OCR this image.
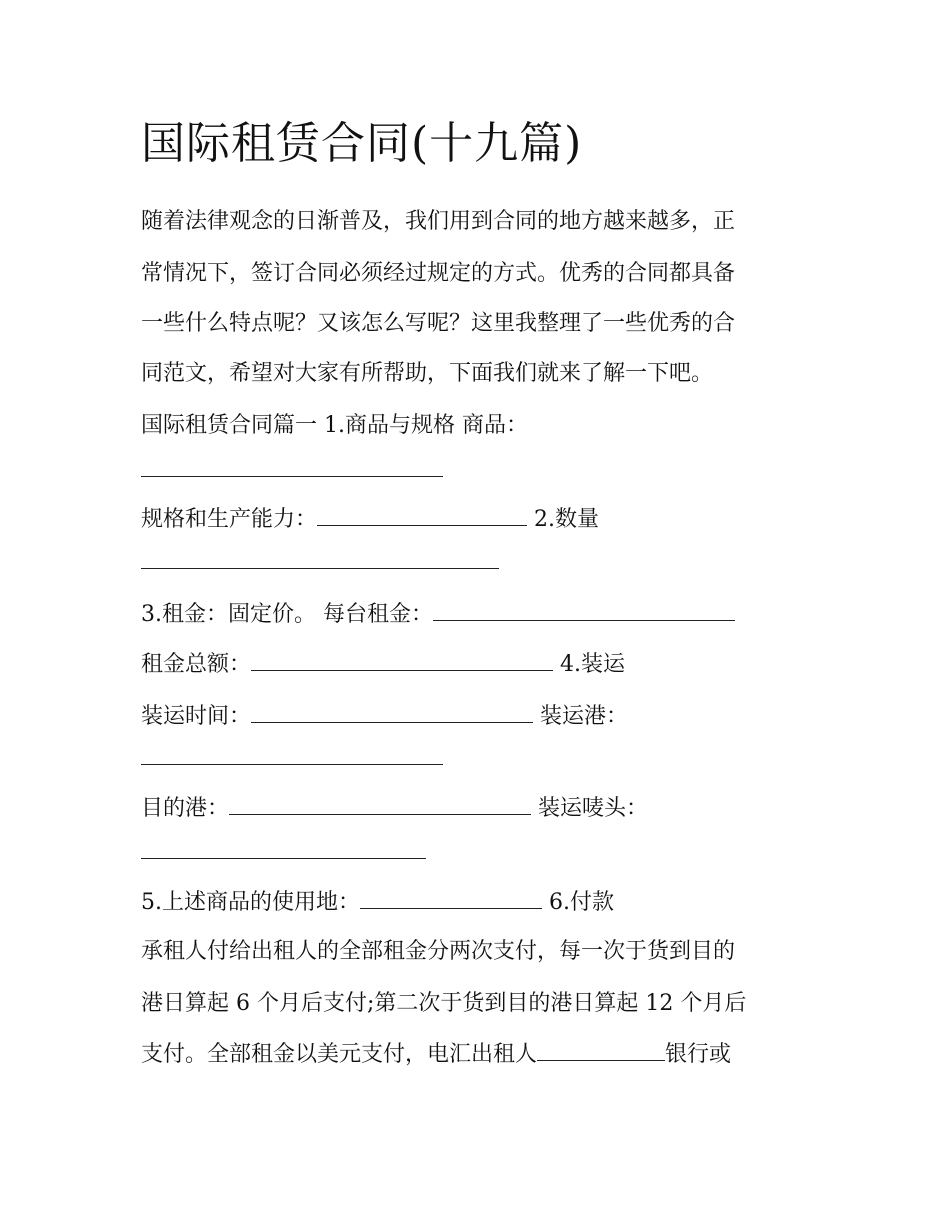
国际租赁合同(十九篇)
随着法律观念的日渐普及，我们用到合同的地方越来越多，正
常情况下，签订合同必须经过规定的方式。优秀的合同都具备
一些什么特点呢？又该怎么写呢？这里我整理了一些优秀的合
同范文，希望对大家有所帮助，下面我们就来了解一下吧。
国际租赁合同篇一 1.商品与规格 商品：
规格和生产能力：	2.数量
3.租金：固定价。 每台租金：
租金总额：	4.装运
装运时间：	装运港：
目的港：	装运唛头：
5.上述商品的使用地：	6.付款
承租人付给出租人的全部租金分两次支付，每一次于货到目的
港日算起 6 个月后支付;第二次于货到目的港日算起 12 个月后
支付。全部租金以美元支付，电汇出租人	银行或
